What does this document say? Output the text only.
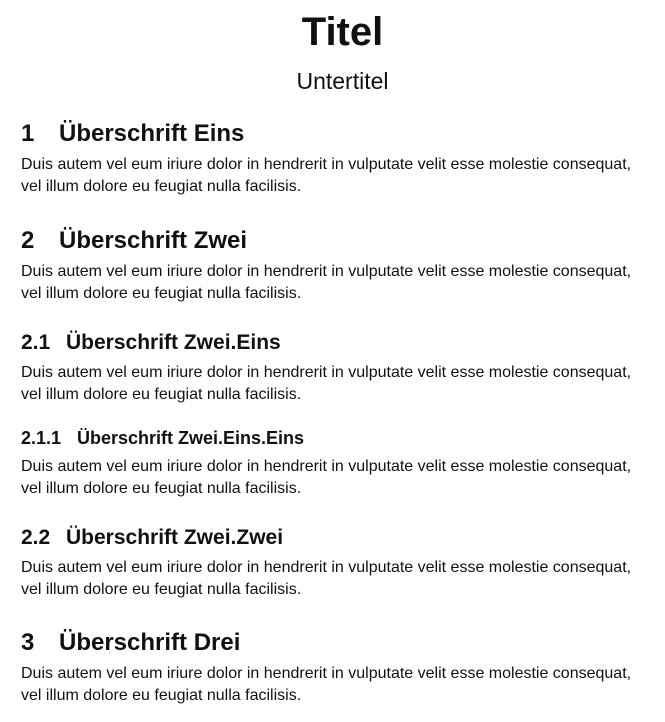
Titel
Untertitel
1 Überschrift Eins

Duis autem vel eum iriure dolor in hendrerit in vulputate velit esse molestie consequat, vel illum dolore eu feugiat nulla facilisis.

2 Überschrift Zwei

Duis autem vel eum iriure dolor in hendrerit in vulputate velit esse molestie consequat, vel illum dolore eu feugiat nulla facilisis.

2.1 Überschrift Zwei.Eins

Duis autem vel eum iriure dolor in hendrerit in vulputate velit esse molestie consequat, vel illum dolore eu feugiat nulla facilisis.

2.1.1 Überschrift Zwei.Eins.Eins

Duis autem vel eum iriure dolor in hendrerit in vulputate velit esse molestie consequat, vel illum dolore eu feugiat nulla facilisis.

2.2 Überschrift Zwei.Zwei

Duis autem vel eum iriure dolor in hendrerit in vulputate velit esse molestie consequat, vel illum dolore eu feugiat nulla facilisis.

3 Überschrift Drei

Duis autem vel eum iriure dolor in hendrerit in vulputate velit esse molestie consequat, vel illum dolore eu feugiat nulla facilisis.
